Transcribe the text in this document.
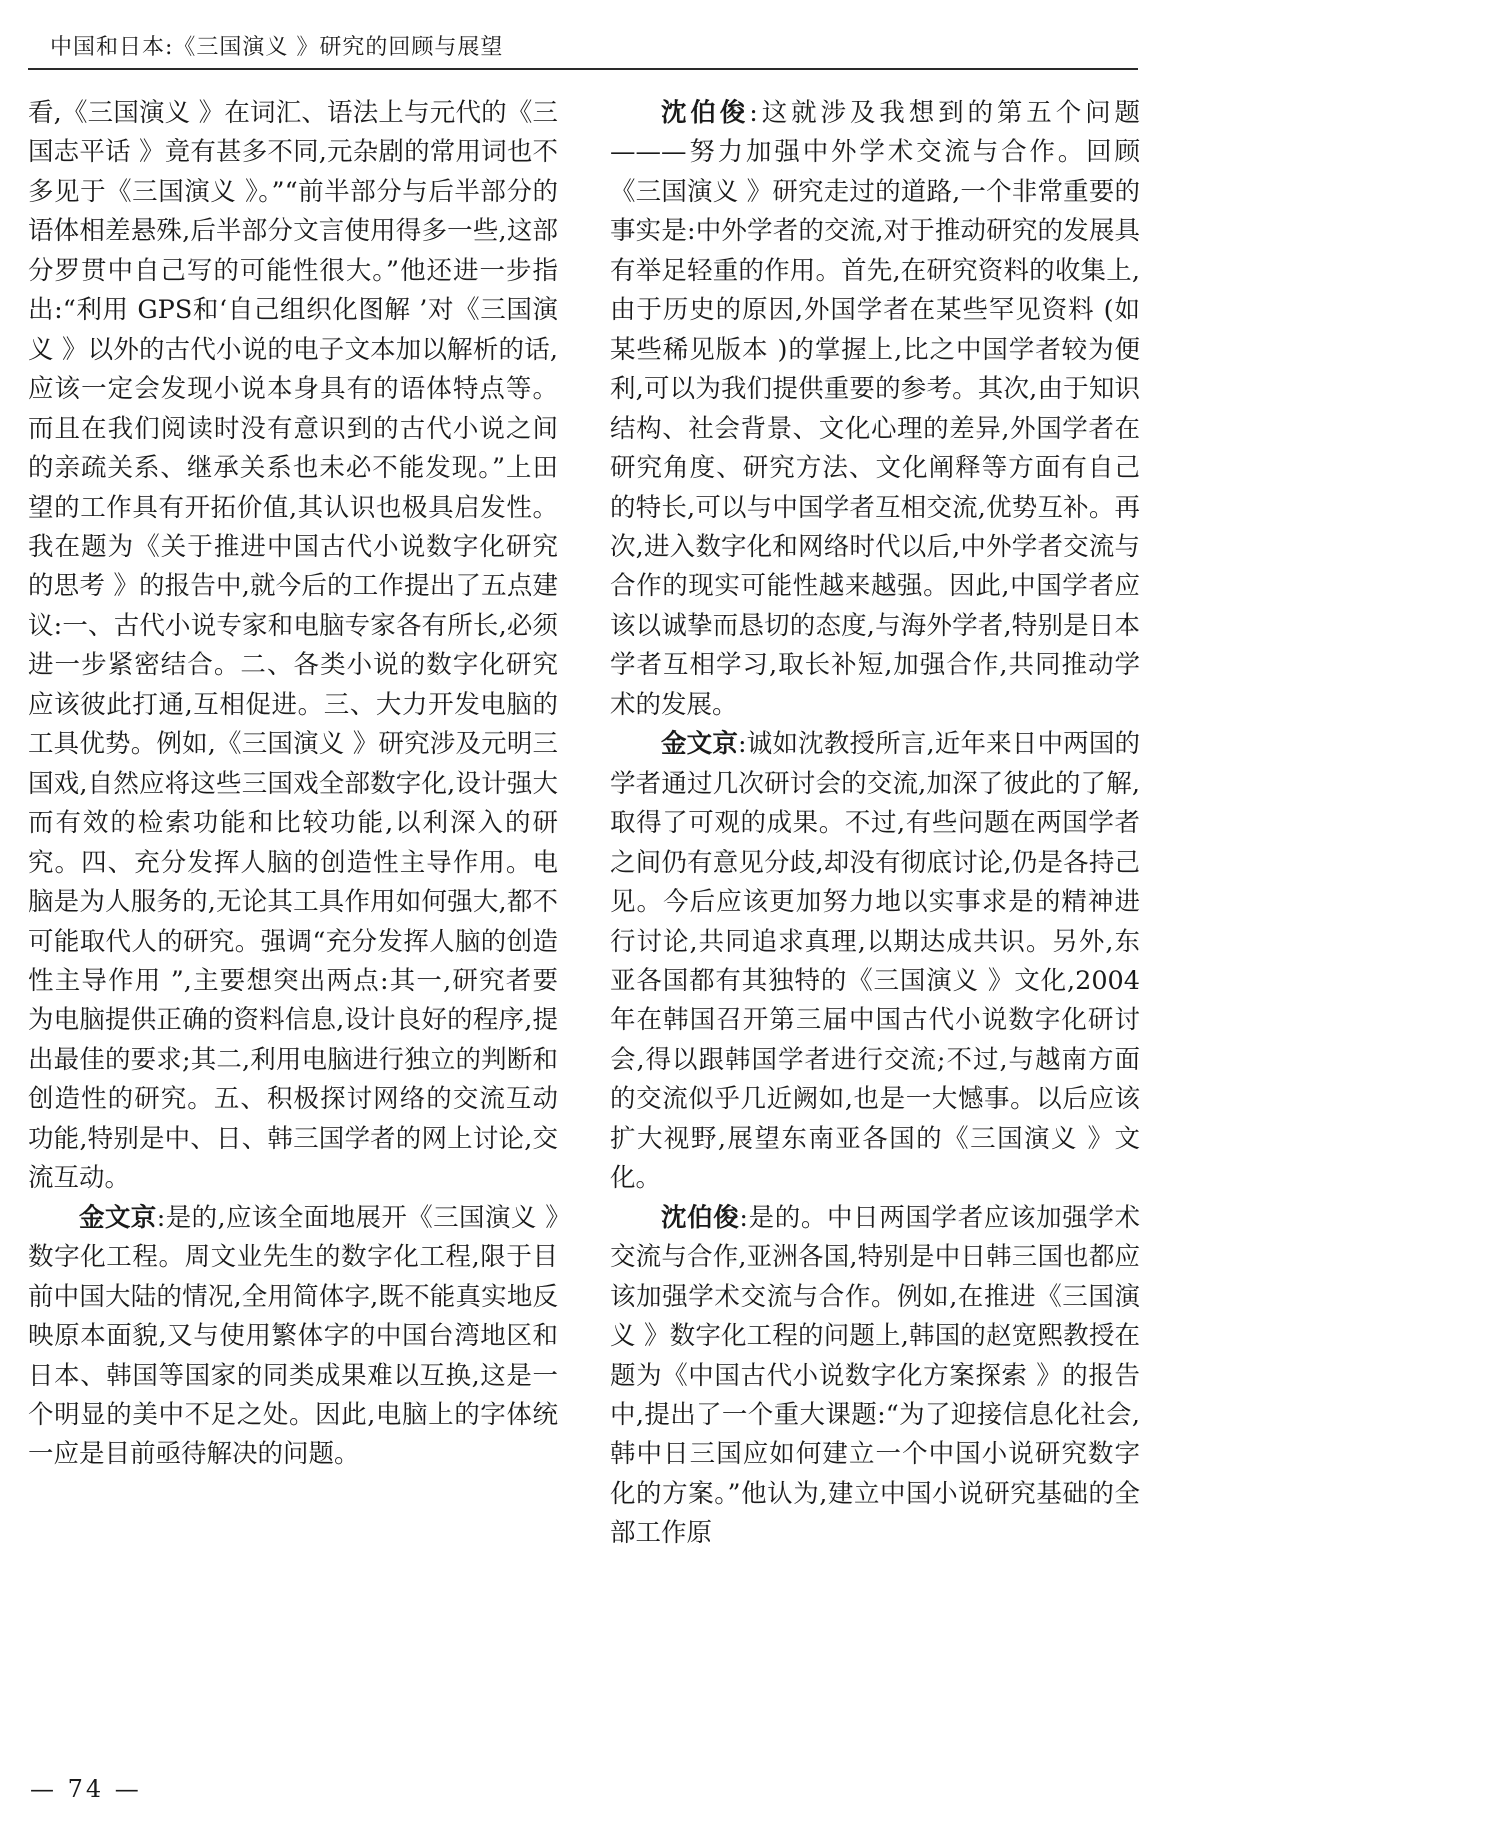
中国和日本:《三国演义 》研究的回顾与展望

看,《三国演义 》在词汇、语法上与元代的《三国志平话 》竟有甚多不同,元杂剧的常用词也不多见于《三国演义 》。”“前半部分与后半部分的语体相差悬殊,后半部分文言使用得多一些,这部分罗贯中自己写的可能性很大。”他还进一步指出:“利用 GPS和‘自己组织化图解 ’对《三国演义 》以外的古代小说的电子文本加以解析的话,应该一定会发现小说本身具有的语体特点等。而且在我们阅读时没有意识到的古代小说之间的亲疏关系、继承关系也未必不能发现。”上田望的工作具有开拓价值,其认识也极具启发性。我在题为《关于推进中国古代小说数字化研究的思考 》的报告中,就今后的工作提出了五点建议:一、古代小说专家和电脑专家各有所长,必须进一步紧密结合。二、各类小说的数字化研究应该彼此打通,互相促进。三、大力开发电脑的工具优势。例如,《三国演义 》研究涉及元明三国戏,自然应将这些三国戏全部数字化,设计强大而有效的检索功能和比较功能,以利深入的研究。四、充分发挥人脑的创造性主导作用。电脑是为人服务的,无论其工具作用如何强大,都不可能取代人的研究。强调“充分发挥人脑的创造性主导作用 ”,主要想突出两点:其一,研究者要为电脑提供正确的资料信息,设计良好的程序,提出最佳的要求;其二,利用电脑进行独立的判断和创造性的研究。五、积极探讨网络的交流互动功能,特别是中、日、韩三国学者的网上讨论,交流互动。

金文京:是的,应该全面地展开《三国演义 》数字化工程。周文业先生的数字化工程,限于目前中国大陆的情况,全用简体字,既不能真实地反映原本面貌,又与使用繁体字的中国台湾地区和日本、韩国等国家的同类成果难以互换,这是一个明显的美中不足之处。因此,电脑上的字体统一应是目前亟待解决的问题。

沈伯俊:这就涉及我想到的第五个问题———努力加强中外学术交流与合作。回顾《三国演义 》研究走过的道路,一个非常重要的事实是:中外学者的交流,对于推动研究的发展具有举足轻重的作用。首先,在研究资料的收集上,由于历史的原因,外国学者在某些罕见资料 (如某些稀见版本 )的掌握上,比之中国学者较为便利,可以为我们提供重要的参考。其次,由于知识结构、社会背景、文化心理的差异,外国学者在研究角度、研究方法、文化阐释等方面有自己的特长,可以与中国学者互相交流,优势互补。再次,进入数字化和网络时代以后,中外学者交流与合作的现实可能性越来越强。因此,中国学者应该以诚挚而恳切的态度,与海外学者,特别是日本学者互相学习,取长补短,加强合作,共同推动学术的发展。

金文京:诚如沈教授所言,近年来日中两国的学者通过几次研讨会的交流,加深了彼此的了解,取得了可观的成果。不过,有些问题在两国学者之间仍有意见分歧,却没有彻底讨论,仍是各持己见。今后应该更加努力地以实事求是的精神进行讨论,共同追求真理,以期达成共识。另外,东亚各国都有其独特的《三国演义 》文化,2004年在韩国召开第三届中国古代小说数字化研讨会,得以跟韩国学者进行交流;不过,与越南方面的交流似乎几近阙如,也是一大憾事。以后应该扩大视野,展望东南亚各国的《三国演义 》文化。

沈伯俊:是的。中日两国学者应该加强学术交流与合作,亚洲各国,特别是中日韩三国也都应该加强学术交流与合作。例如,在推进《三国演义 》数字化工程的问题上,韩国的赵宽熙教授在题为《中国古代小说数字化方案探索 》的报告中,提出了一个重大课题:“为了迎接信息化社会,韩中日三国应如何建立一个中国小说研究数字化的方案。”他认为,建立中国小说研究基础的全部工作原

— 74 —
